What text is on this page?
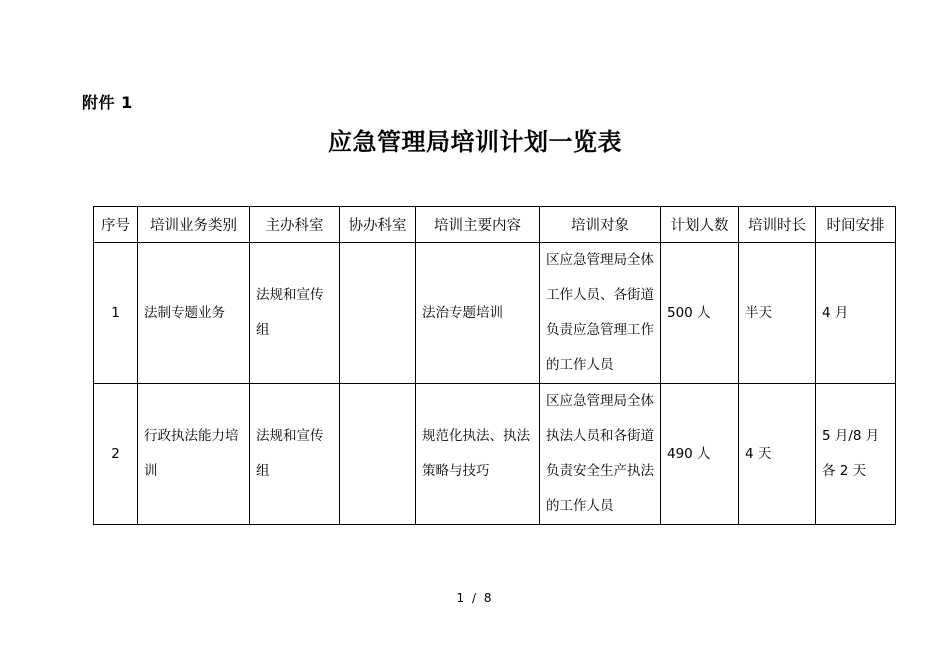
附件 1
应急管理局培训计划一览表
序号	培训业务类别	主办科室	协办科室	培训主要内容	培训对象	计划人数	培训时长	时间安排
1	法制专题业务	法规和宣传组		法治专题培训	区应急管理局全体工作人员、各街道负责应急管理工作的工作人员	500 人	半天	4 月
2	行政执法能力培训	法规和宣传组		规范化执法、执法策略与技巧	区应急管理局全体执法人员和各街道负责安全生产执法的工作人员	490 人	4 天	5 月/8 月各 2 天
1 / 8
